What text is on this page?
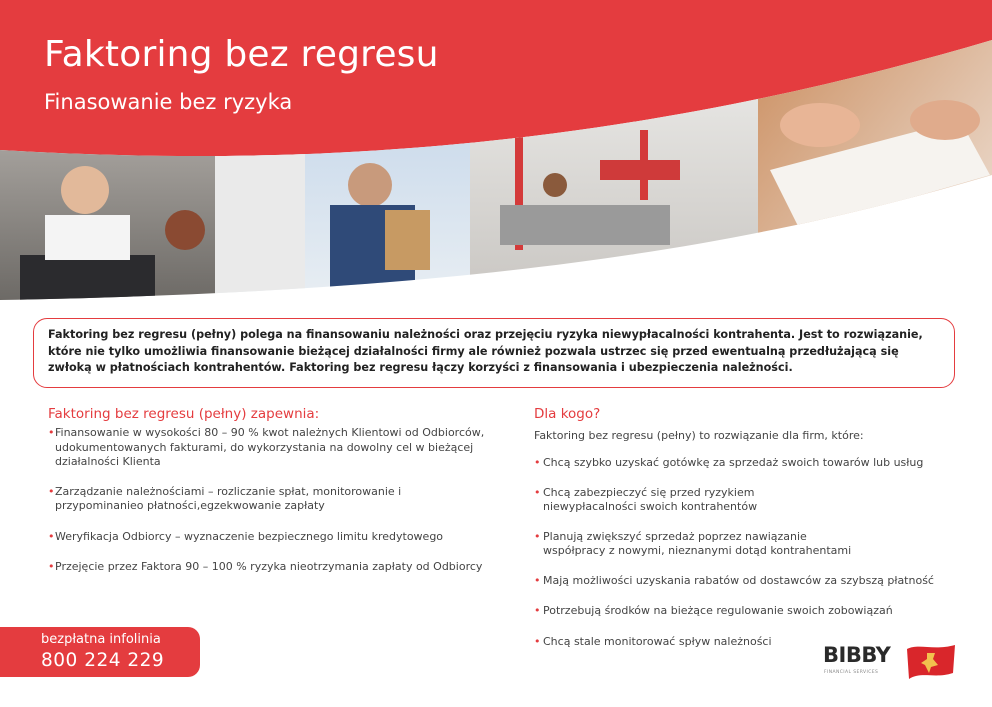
Faktoring bez regresu
Finasowanie bez ryzyka
Faktoring bez regresu (pełny) polega na finansowaniu należności oraz przejęciu ryzyka niewypłacalności kontrahenta. Jest to rozwiązanie, które nie tylko umożliwia finansowanie bieżącej działalności firmy ale również pozwala ustrzec się przed ewentualną przedłużającą się zwłoką w płatnościach kontrahentów. Faktoring bez regresu łączy korzyści z finansowania i ubezpieczenia należności.
Faktoring bez regresu (pełny) zapewnia:
• Finansowanie w wysokości 80 – 90 % kwot należnych Klientowi od Odbiorców, udokumentowanych fakturami, do wykorzystania na dowolny cel w bieżącej działalności Klienta
• Zarządzanie należnościami – rozliczanie spłat, monitorowanie i przypominanieo płatności,egzekwowanie zapłaty
• Weryfikacja Odbiorcy – wyznaczenie bezpiecznego limitu kredytowego
• Przejęcie przez Faktora 90 – 100 % ryzyka nieotrzymania zapłaty od Odbiorcy
Dla kogo?

Faktoring bez regresu (pełny) to rozwiązanie dla firm, które:

• Chcą szybko uzyskać gotówkę za sprzedaż swoich towarów lub usług
• Chcą zabezpieczyć się przed ryzykiem niewypłacalności swoich kontrahentów
• Planują zwiększyć sprzedaż poprzez nawiązanie współpracy z nowymi, nieznanymi dotąd kontrahentami
• Mają możliwości uzyskania rabatów od dostawców za szybszą płatność
• Potrzebują środków na bieżące regulowanie swoich zobowiązań
• Chcą stale monitorować spływ należności
bezpłatna infolinia
800 224 229	BIBBY
FINANCIAL SERVICES
